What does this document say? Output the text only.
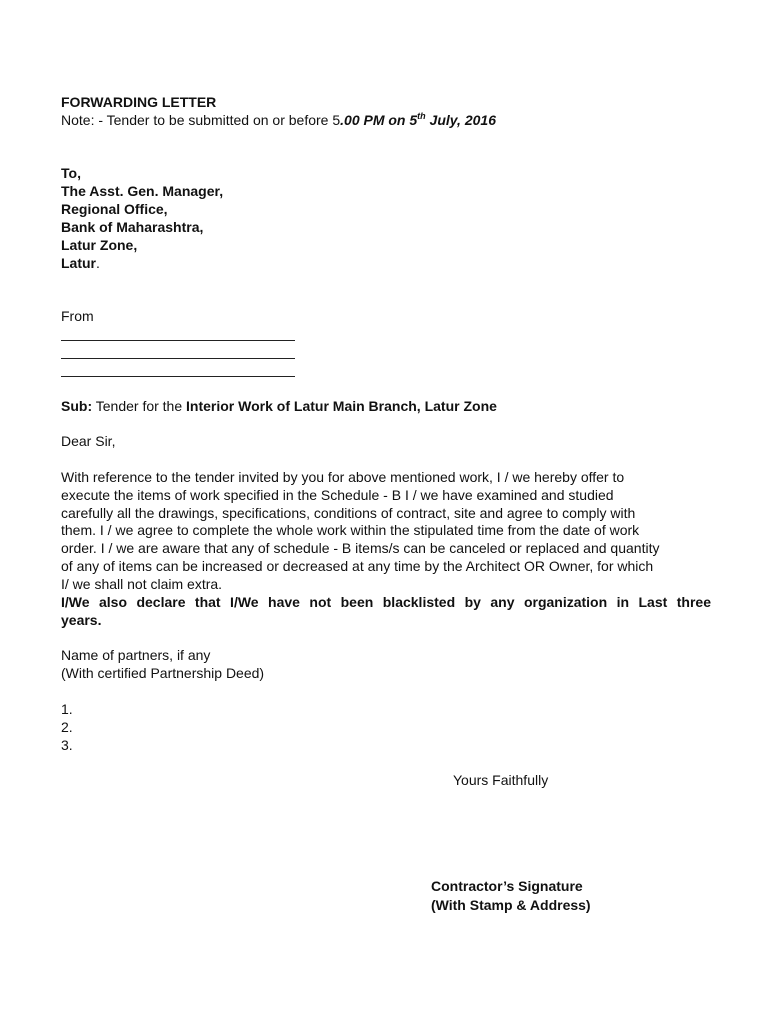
FORWARDING LETTER
Note: - Tender to be submitted on or before 5.00 PM on 5th July, 2016
To,
The Asst. Gen. Manager,
Regional Office,
Bank of Maharashtra,
Latur Zone,
Latur.
From
Sub: Tender for the Interior Work of Latur Main Branch, Latur Zone
Dear Sir,
With reference to the tender invited by you for above mentioned work, I / we hereby offer to
execute the items of work specified in the Schedule - B I / we have examined and studied
carefully all the drawings, specifications, conditions of contract, site and agree to comply with
them. I / we agree to complete the whole work within the stipulated time from the date of work
order. I / we are aware that any of schedule - B items/s can be canceled or replaced and quantity
of any of items can be increased or decreased at any time by the Architect OR Owner, for which
I/ we shall not claim extra.
I/We also declare that I/We have not been blacklisted by any organization in Last three
years.
Name of partners, if any
(With certified Partnership Deed)
1.
2.
3.
Yours Faithfully
Contractor’s Signature
(With Stamp & Address)
